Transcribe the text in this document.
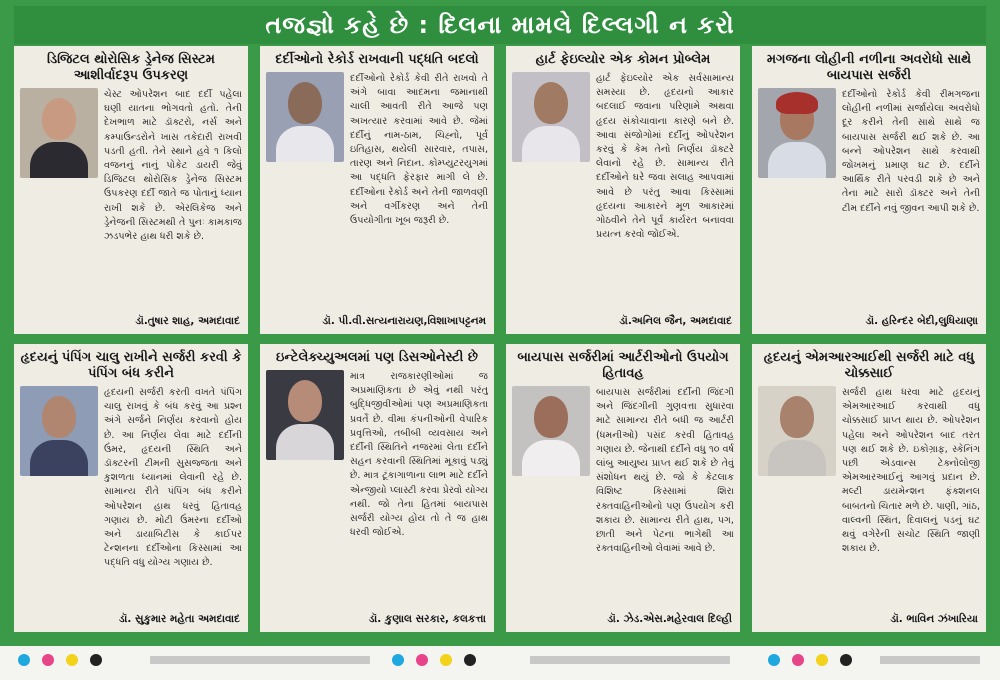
તજજ્ઞો કહે છે : દિલના મામલે દિલ્લગી ન કરો
ડિજિટલ થોરોસિક ડ્રેનેજ સિસ્ટમ આશીર્વાદરૂપ ઉપકરણ

ચેસ્ટ ઓપરેશન બાદ દર્દી પહેલા ઘણી યાતના ભોગવતો હતો. તેની દેખભાળ માટે ડૉક્ટરો, નર્સ અને કમ્પાઉન્ડરોને ખાસ તકેદારી રાખવી પડતી હતી. તેને સ્થાને હવે ૧ કિલો વજનનું નાનું પોકેટ ડાયરી જેવું ડિજિટલ થોરોસિક ડ્રેનેજ સિસ્ટમ ઉપકરણ દર્દી જાતે જ પોતાનું ધ્યાન રાખી શકે છે. એરલિકેજ અને ડ્રેનેજની સિસ્ટમથી તે પુનઃ કામકાજ ઝડપભેર હાથ ધરી શકે છે.

ડૉ.તુષાર શાહ, અમદાવાદ
દર્દીઓનો રેકોર્ડ રાખવાની પદ્ધતિ બદલો

દર્દીઓનો રેકોર્ડ કેવી રીતે રાખવો તે અંગે બાવા આદમના જમાનાથી ચાલી આવતી રીતે આજે પણ અખત્યાર કરવામાં આવે છે. જેમાં દર્દીનું નામ-ઠામ, ચિહ્નો, પૂર્વ ઇતિહાસ, થયેલી સારવાર, તપાસ, તારણ અને નિદાન. કોમ્પ્યુટરયુગમાં આ પદ્ધતિ ફેરફાર માગી લે છે. દર્દીઓના રેકોર્ડ અને તેની જાળવણી અને વર્ગીકરણ અને તેની ઉપયોગીતા ખૂબ જરૂરી છે.

ડૉ. પી.વી.સત્યનારાયણ,વિશાખાપટ્ટનમ
હાર્ટ ફેઇલ્યોર એક કોમન પ્રોબ્લેમ

હાર્ટ ફેઇલ્યોર એક સર્વસામાન્ય સમસ્યા છે. હૃદયનો આકાર બદલાઈ જવાના પરિણામે અથવા હૃદય સંકોચાવાના કારણે બને છે. આવા સંજોગોમાં દર્દીનું ઓપરેશન કરવું કે કેમ તેનો નિર્ણય ડૉક્ટરે લેવાનો રહે છે. સામાન્ય રીતે દર્દીઓને ઘરે જવા સલાહ આપવામાં આવે છે પરંતુ આવા કિસ્સામાં હૃદયના આકારને મૂળ આકારમાં ગોઠવીને તેને પૂર્વ કાર્યરત બનાવવા પ્રયત્ન કરવો જોઈએ.

ડૉ.અનિલ જૈન, અમદાવાદ
મગજના લોહીની નળીના અવરોધો સાથે બાયપાસ સર્જરી

દર્દીઓનો રેકોર્ડ કેવી રીમગજના લોહીની નળીમાં સર્જાયેલા અવરોધો દૂર કરીને તેની સાથે સાથે જ બાયપાસ સર્જરી થઈ શકે છે. આ બન્ને ઓપરેશન સાથે કરવાથી જોખમનું પ્રમાણ ઘટ છે. દર્દીને આર્થિક રીતે પરવડી શકે છે અને તેના માટે સારો ડૉક્ટર અને તેની ટીમ દર્દીને નવું જીવન આપી શકે છે.

ડૉ. હરિન્દર બેદી,લુધિયાણા
હૃદયનું પંપિંગ ચાલુ રાખીને સર્જરી કરવી કે પંપિંગ બંધ કરીને

હૃદયની સર્જરી કરતી વખતે પંપિંગ ચાલુ રાખવું કે બંધ કરવું આ પ્રશ્ન અંગે સર્જને નિર્ણય કરવાનો હોય છે. આ નિર્ણય લેવા માટે દર્દીની ઉંમર, હૃદયની સ્થિતિ અને ડૉક્ટરની ટીમની સુસજ્જતા અને કુશળતા ધ્યાનમાં લેવાની રહે છે. સામાન્ય રીતે પંપિંગ બંધ કરીને ઓપરેશન હાથ ધરવું હિતાવહ ગણાય છે. મોટી ઉંમરના દર્દીઓ અને ડાયાબિટીસ કે કાઈપર ટેન્શનના દર્દીઓના કિસ્સામાં આ પદ્ધતિ વધુ યોગ્ય ગણાય છે.

ડૉ. સુકુમાર મહેતા અમદાવાદ
ઇન્ટેલેક્ચ્યુઅલમાં પણ ડિસઓનેસ્ટી છે

માત્ર રાજકારણીઓમાં જ અપ્રમાણિકતા છે એવું નથી પરંતુ બુદ્ધિજીવીઓમાં પણ અપ્રમાણિકતા પ્રવર્તે છે. વીમા કંપનીઓની વેપારિક પ્રવૃત્તિઓ, તબીબી વ્યવસાય અને દર્દીની સ્થિતિને નજરમાં લેતા દર્દીને સહન કરવાની સ્થિતિમાં મૂકાવું પડ્યું છે. માત્ર ટૂંકાગાળાના લાભ માટે દર્દીને એન્જીયો પ્લાસ્ટી કરવા પ્રેરવો યોગ્ય નથી. જો તેના હિતમાં બાયપાસ સર્જરી યોગ્ય હોય તો તે જ હાથ ધરવી જોઈએ.

ડૉ. કુણાલ સરકાર, કલકત્તા
બાયપાસ સર્જરીમાં આર્ટરીઓનો ઉપયોગ હિતાવહ

બાયપાસ સર્જરીમાં દર્દીની જિંદગી અને જિંદગીની ગુણવત્તા સુધારવા માટે સામાન્ય રીતે બધી જ આર્ટરી (ધમનીઓ) પસંદ કરવી હિતાવહ ગણાય છે. જેનાથી દર્દીને વધુ ૧૦ વર્ષ લાંબુ આયુષ્ય પ્રાપ્ત થઈ શકે છે તેવું સંશોધન થયું છે. જો કે કેટલાક વિશિષ્ટ કિસ્સામાં શિરા રક્તવાહિનીઓનો પણ ઉપયોગ કરી શકાય છે. સામાન્ય રીતે હાથ, પગ, છાતી અને પેટના ભાગેથી આ રક્તવાહિનીઓ લેવામાં આવે છે.

ડૉ. ઝેડ.એસ.મહેરવાલ દિલ્હી
હૃદયનું એમઆરઆઈથી સર્જરી માટે વધુ ચોક્કસાઈ

સર્જરી હાથ ધરવા માટે હૃદયનું એમઆરઆઈ કરવાથી વધુ ચોક્કસાઈ પ્રાપ્ત થાય છે. ઓપરેશન પહેલા અને ઓપરેશન બાદ તરત પણ થઈ શકે છે. ઇકોગ્રાફ, સ્કેનિંગ પછી એડવાન્સ ટેક્નોલોજી એમઆરઆઈનું આગવું પ્રદાન છે. મલ્ટી ડાયમેન્શન ફંક્શનલ બાબતનો ચિતાર મળે છે. પાણી, ગાંઠ, વાલ્વની સ્થિત, દિવાલનું પડનું ઘટ થવું વગેરેની સચોટ સ્થિતિ જાણી શકાય છે.

ડૉ. ભાવિન ઝંખારિયા
